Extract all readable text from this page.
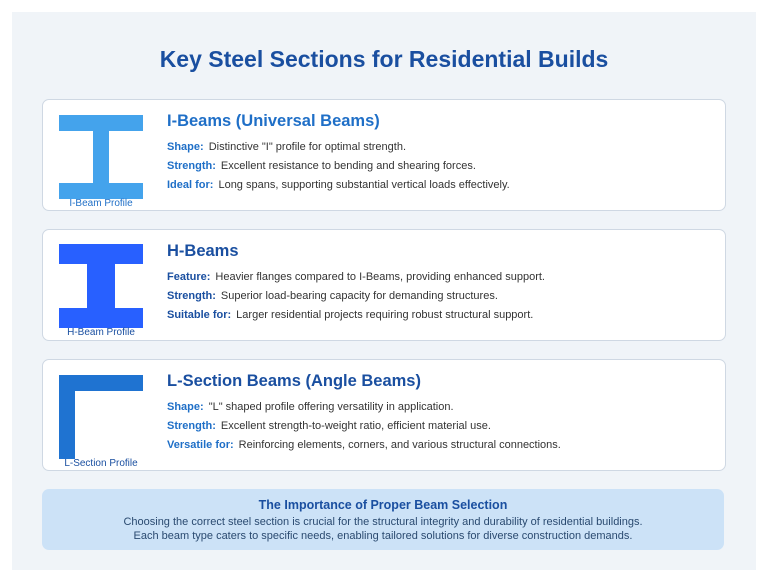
Key Steel Sections for Residential Builds
I-Beam Profile
I-Beams (Universal Beams)
Shape: Distinctive "I" profile for optimal strength.
Strength: Excellent resistance to bending and shearing forces.
Ideal for: Long spans, supporting substantial vertical loads effectively.
H-Beam Profile
H-Beams
Feature: Heavier flanges compared to I-Beams, providing enhanced support.
Strength: Superior load-bearing capacity for demanding structures.
Suitable for: Larger residential projects requiring robust structural support.
L-Section Profile
L-Section Beams (Angle Beams)
Shape: "L" shaped profile offering versatility in application.
Strength: Excellent strength-to-weight ratio, efficient material use.
Versatile for: Reinforcing elements, corners, and various structural connections.
The Importance of Proper Beam Selection

Choosing the correct steel section is crucial for the structural integrity and durability of residential buildings.

Each beam type caters to specific needs, enabling tailored solutions for diverse construction demands.
